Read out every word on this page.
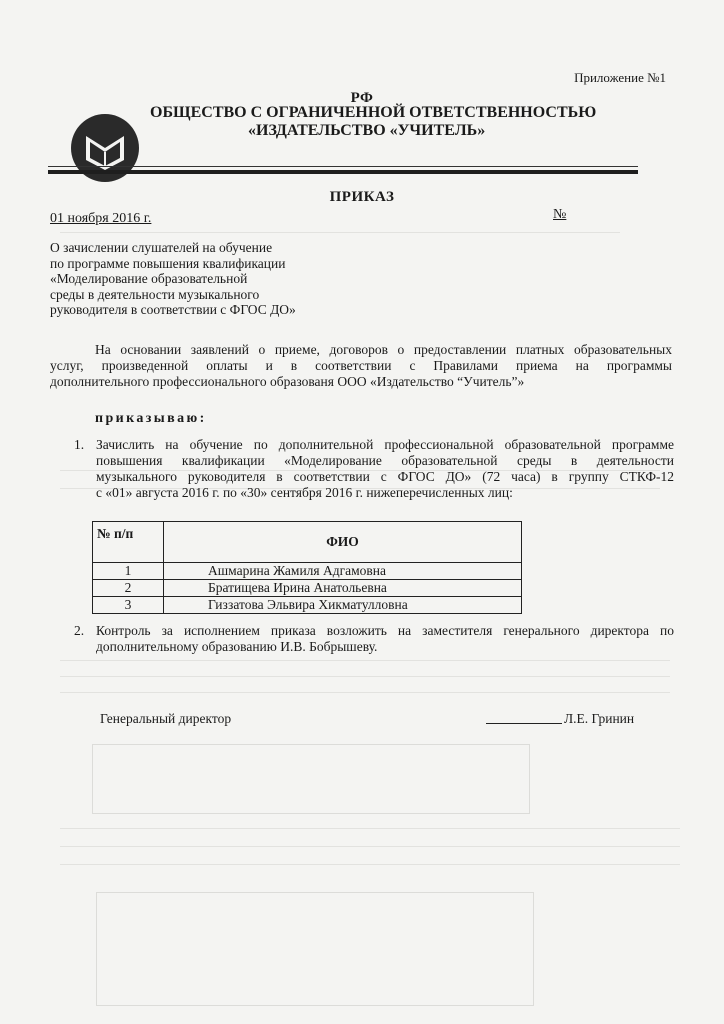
Приложение №1
РФ
ОБЩЕСТВО С ОГРАНИЧЕННОЙ ОТВЕТСТВЕННОСТЬЮ
«ИЗДАТЕЛЬСТВО «УЧИТЕЛЬ»
ПРИКАЗ
01 ноября 2016 г.	№
О зачислении слушателей на обучение
по программе повышения квалификации
«Моделирование образовательной
среды в деятельности музыкального
руководителя в соответствии с ФГОС ДО»
На основании заявлений о приеме, договоров о предоставлении платных образовательных
услуг, произведенной оплаты и в соответствии с Правилами приема на программы
дополнительного профессионального образованя ООО «Издательство “Учитель”»
приказываю:
1. Зачислить на обучение по дополнительной профессиональной образовательной программе
повышения квалификации «Моделирование образовательной среды в деятельности
музыкального руководителя в соответствии с ФГОС ДО» (72 часа) в группу СТКФ-12
с «01» августа 2016 г. по «30» сентября 2016 г. нижеперечисленных лиц:
№ п/п	ФИО
1	Ашмарина Жамиля Адгамовна
2	Братищева Ирина Анатольевна
3	Гиззатова Эльвира Хикматулловна
2. Контроль за исполнением приказа возложить на заместителя генерального директора по
дополнительному образованию И.В. Бобрышеву.
Генеральный директор	Л.Е. Гринин
